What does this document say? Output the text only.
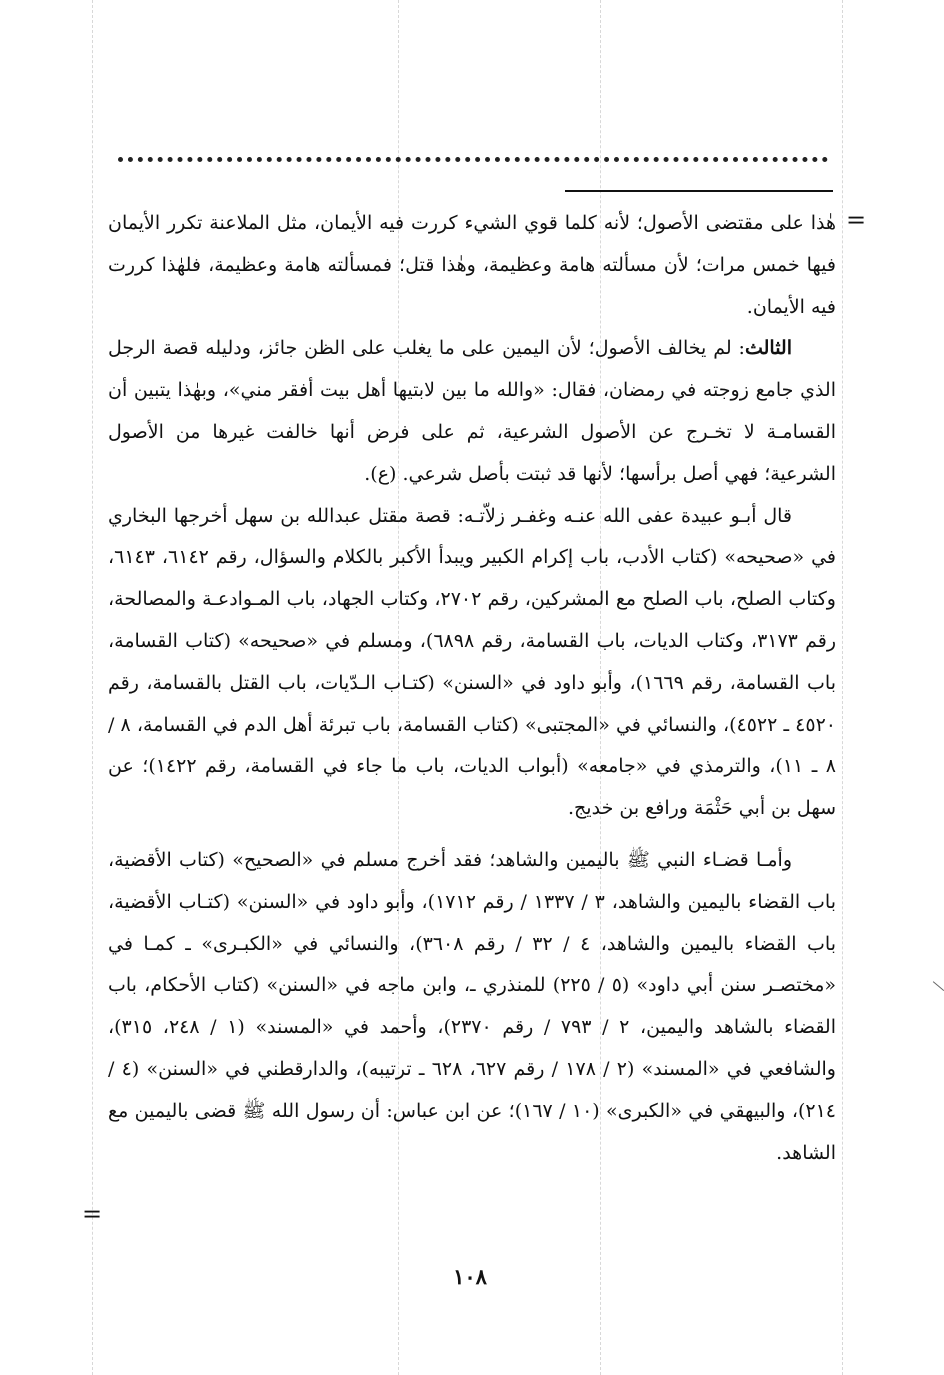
=

هٰذا على مقتضى الأصول؛ لأنه كلما قوي الشيء كررت فيه الأيمان، مثل الملاعنة تكرر الأيمان فيها خمس مرات؛ لأن مسألته هامة وعظيمة، وهٰذا قتل؛ فمسألته هامة وعظيمة، فلهٰذا كررت فيه الأيمان.

الثالث: لم يخالف الأصول؛ لأن اليمين على ما يغلب على الظن جائز، ودليله قصة الرجل الذي جامع زوجته في رمضان، فقال: «والله ما بين لابتيها أهل بيت أفقر مني»، وبهٰذا يتبين أن القسامـة لا تخـرج عن الأصول الشرعية، ثم على فرض أنها خالفت غيرها من الأصول الشرعية؛ فهي أصل برأسها؛ لأنها قد ثبتت بأصل شرعي. (ع).

قال أبـو عبيدة عفى الله عنـه وغفـر زلاّتـه: قصة مقتل عبدالله بن سهل أخرجها البخاري في «صحيحه» (كتاب الأدب، باب إكرام الكبير ويبدأ الأكبر بالكلام والسؤال، رقم ٦١٤٢، ٦١٤٣، وكتاب الصلح، باب الصلح مع المشركين، رقم ٢٧٠٢، وكتاب الجهاد، باب المـوادعـة والمصالحة، رقم ٣١٧٣، وكتاب الديات، باب القسامة، رقم ٦٨٩٨)، ومسلم في «صحيحه» (كتاب القسامة، باب القسامة، رقم ١٦٦٩)، وأبو داود في «السنن» (كتـاب الـدّيات، باب القتل بالقسامة، رقم ٤٥٢٠ ـ ٤٥٢٢)، والنسائي في «المجتبى» (كتاب القسامة، باب تبرئة أهل الدم في القسامة، ٨ / ٨ ـ ١١)، والترمذي في «جامعه» (أبواب الديات، باب ما جاء في القسامة، رقم ١٤٢٢)؛ عن سهل بن أبي حَثْمَة ورافع بن خديج.

وأمـا قضـاء النبي ﷺ باليمين والشاهد؛ فقد أخرج مسلم في «الصحيح» (كتاب الأقضية، باب القضاء باليمين والشاهد، ٣ / ١٣٣٧ / رقم ١٧١٢)، وأبو داود في «السنن» (كتـاب الأقضية، باب القضاء باليمين والشاهد، ٤ / ٣٢ / رقم ٣٦٠٨)، والنسائي في «الكبـرى» ـ كمـا في «مختصـر سنن أبي داود» (٥ / ٢٢٥) للمنذري ـ، وابن ماجه في «السنن» (كتاب الأحكام، باب القضاء بالشاهد واليمين، ٢ / ٧٩٣ / رقم ٢٣٧٠)، وأحمد في «المسند» (١ / ٢٤٨، ٣١٥)، والشافعي في «المسند» (٢ / ١٧٨ / رقم ٦٢٧، ٦٢٨ ـ ترتيبه)، والدارقطني في «السنن» (٤ / ٢١٤)، والبيهقي في «الكبرى» (١٠ / ١٦٧)؛ عن ابن عباس: أن رسول الله ﷺ قضى باليمين مع الشاهد.

=
١٠٨
